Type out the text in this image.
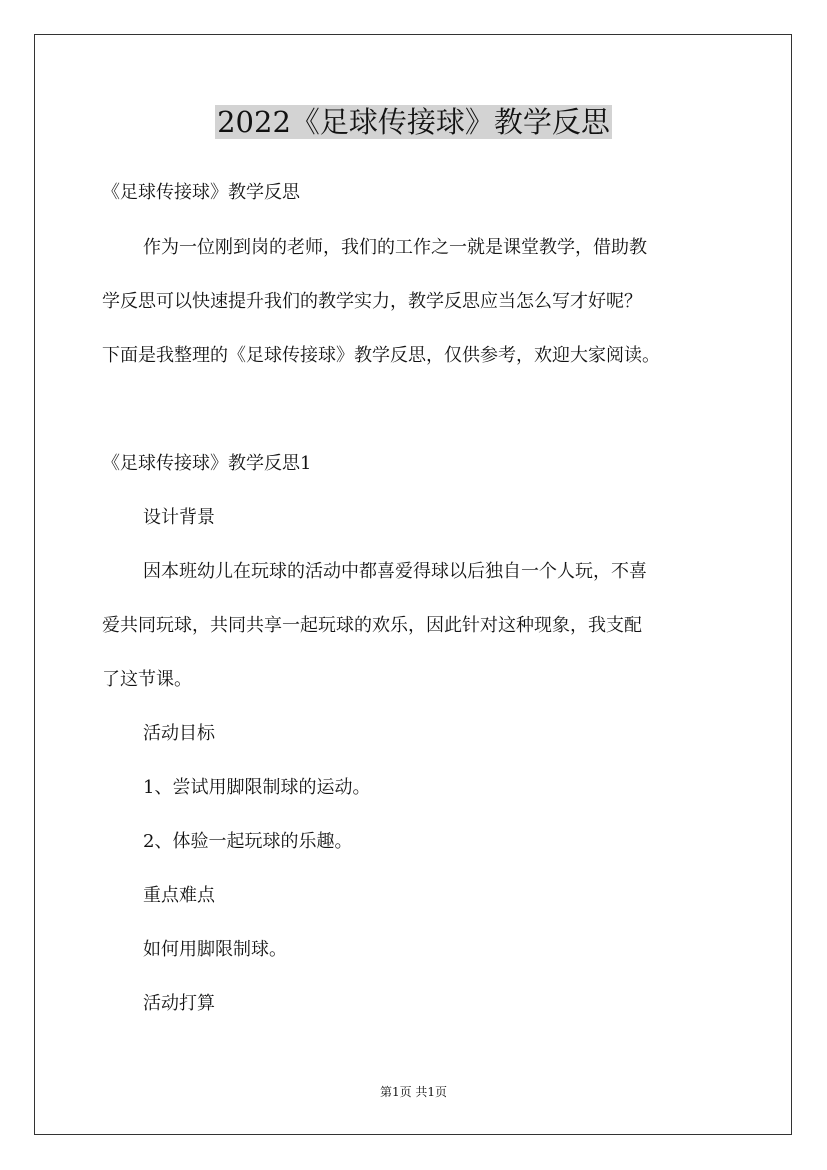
2022《足球传接球》教学反思

《足球传接球》教学反思

作为一位刚到岗的老师，我们的工作之一就是课堂教学，借助教

学反思可以快速提升我们的教学实力，教学反思应当怎么写才好呢？

下面是我整理的《足球传接球》教学反思，仅供参考，欢迎大家阅读。

《足球传接球》教学反思1

设计背景

因本班幼儿在玩球的活动中都喜爱得球以后独自一个人玩，不喜

爱共同玩球，共同共享一起玩球的欢乐，因此针对这种现象，我支配

了这节课。

活动目标

1、尝试用脚限制球的运动。

2、体验一起玩球的乐趣。

重点难点

如何用脚限制球。

活动打算

第1页 共1页
